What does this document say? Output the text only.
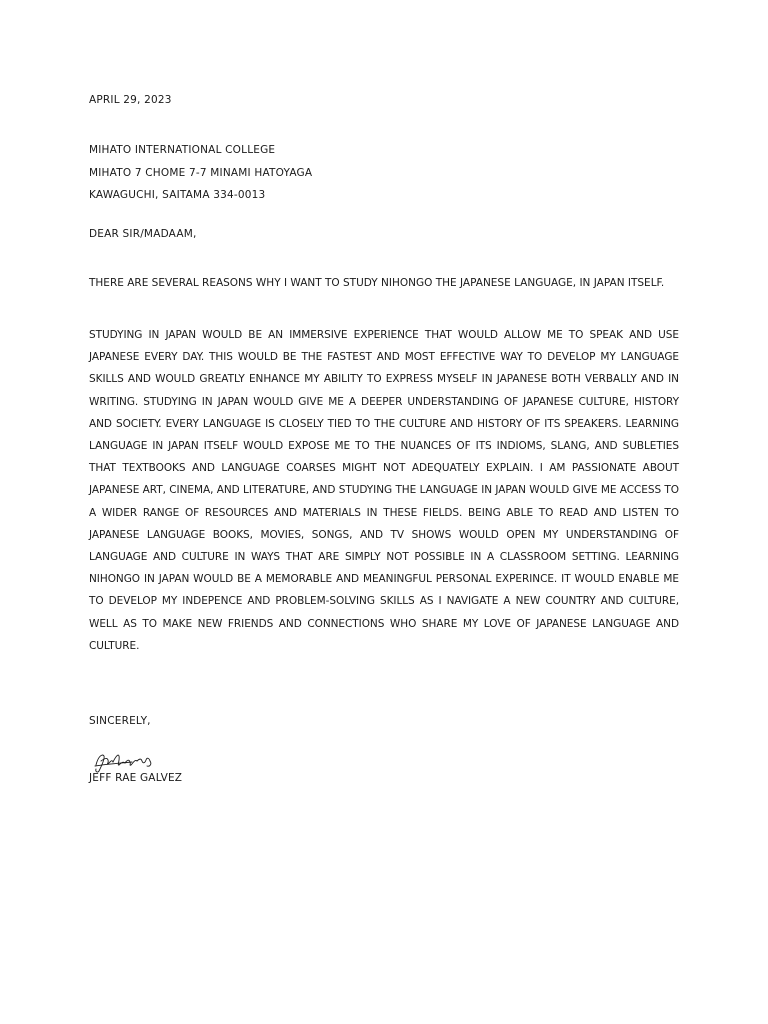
APRIL 29, 2023
MIHATO INTERNATIONAL COLLEGE
MIHATO 7 CHOME 7-7 MINAMI HATOYAGA
KAWAGUCHI, SAITAMA 334-0013
DEAR SIR/MADAAM,

THERE ARE SEVERAL REASONS WHY I WANT TO STUDY NIHONGO THE JAPANESE LANGUAGE, IN JAPAN ITSELF.

STUDYING IN JAPAN WOULD BE AN IMMERSIVE EXPERIENCE THAT WOULD ALLOW ME TO SPEAK AND USE JAPANESE EVERY DAY. THIS WOULD BE THE FASTEST AND MOST EFFECTIVE WAY TO DEVELOP MY LANGUAGE SKILLS AND WOULD GREATLY ENHANCE MY ABILITY TO EXPRESS MYSELF IN JAPANESE BOTH VERBALLY AND IN WRITING. STUDYING IN JAPAN WOULD GIVE ME A DEEPER UNDERSTANDING OF JAPANESE CULTURE, HISTORY AND SOCIETY. EVERY LANGUAGE IS CLOSELY TIED TO THE CULTURE AND HISTORY OF ITS SPEAKERS. LEARNING LANGUAGE IN JAPAN ITSELF WOULD EXPOSE ME TO THE NUANCES OF ITS INDIOMS, SLANG, AND SUBLETIES THAT TEXTBOOKS AND LANGUAGE COARSES MIGHT NOT ADEQUATELY EXPLAIN. I AM PASSIONATE ABOUT JAPANESE ART, CINEMA, AND LITERATURE, AND STUDYING THE LANGUAGE IN JAPAN WOULD GIVE ME ACCESS TO A WIDER RANGE OF RESOURCES AND MATERIALS IN THESE FIELDS. BEING ABLE TO READ AND LISTEN TO JAPANESE LANGUAGE BOOKS, MOVIES, SONGS, AND TV SHOWS WOULD OPEN MY UNDERSTANDING OF LANGUAGE AND CULTURE IN WAYS THAT ARE SIMPLY NOT POSSIBLE IN A CLASSROOM SETTING. LEARNING NIHONGO IN JAPAN WOULD BE A MEMORABLE AND MEANINGFUL PERSONAL EXPERINCE. IT WOULD ENABLE ME TO DEVELOP MY INDEPENCE AND PROBLEM-SOLVING SKILLS AS I NAVIGATE A NEW COUNTRY AND CULTURE, WELL AS TO MAKE NEW FRIENDS AND CONNECTIONS WHO SHARE MY LOVE OF JAPANESE LANGUAGE AND CULTURE.

SINCERELY,
JEFF RAE GALVEZ
